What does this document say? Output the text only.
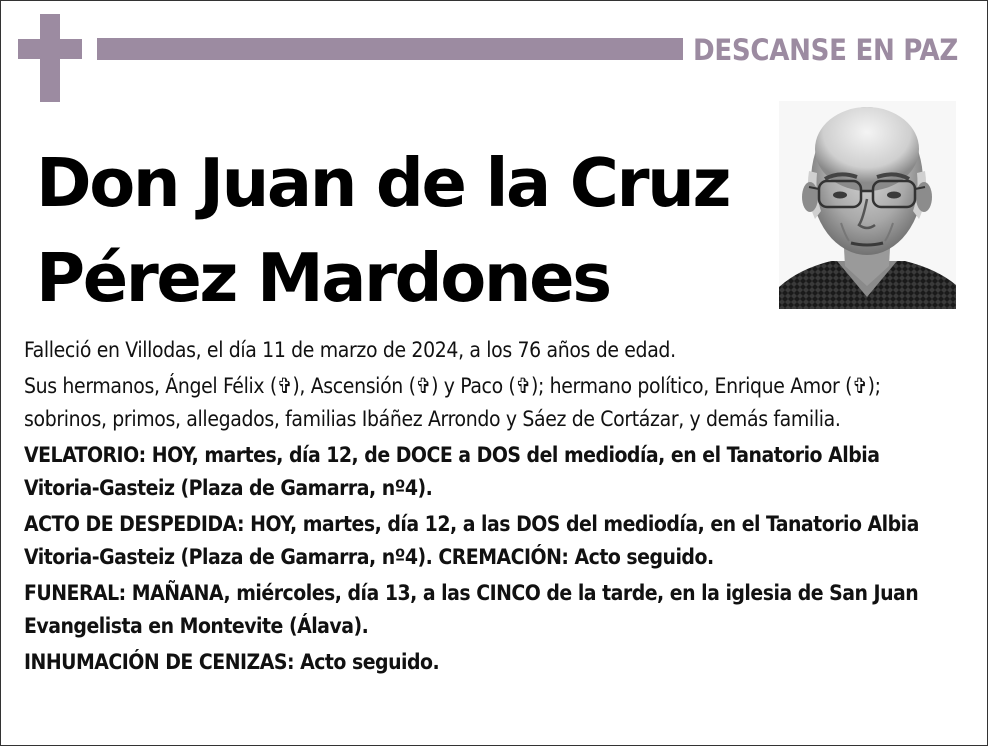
DESCANSE EN PAZ
Don Juan de la Cruz
Pérez Mardones

Falleció en Villodas, el día 11 de marzo de 2024, a los 76 años de edad.

Sus hermanos, Ángel Félix (✞), Ascensión (✞) y Paco (✞); hermano político, Enrique Amor (✞); sobrinos, primos, allegados, familias Ibáñez Arrondo y Sáez de Cortázar, y demás familia.

VELATORIO: HOY, martes, día 12, de DOCE a DOS del mediodía, en el Tanatorio Albia Vitoria-Gasteiz (Plaza de Gamarra, nº4).

ACTO DE DESPEDIDA: HOY, martes, día 12, a las DOS del mediodía, en el Tanatorio Albia Vitoria-Gasteiz (Plaza de Gamarra, nº4). CREMACIÓN: Acto seguido.

FUNERAL: MAÑANA, miércoles, día 13, a las CINCO de la tarde, en la iglesia de San Juan Evangelista en Montevite (Álava).

INHUMACIÓN DE CENIZAS: Acto seguido.
